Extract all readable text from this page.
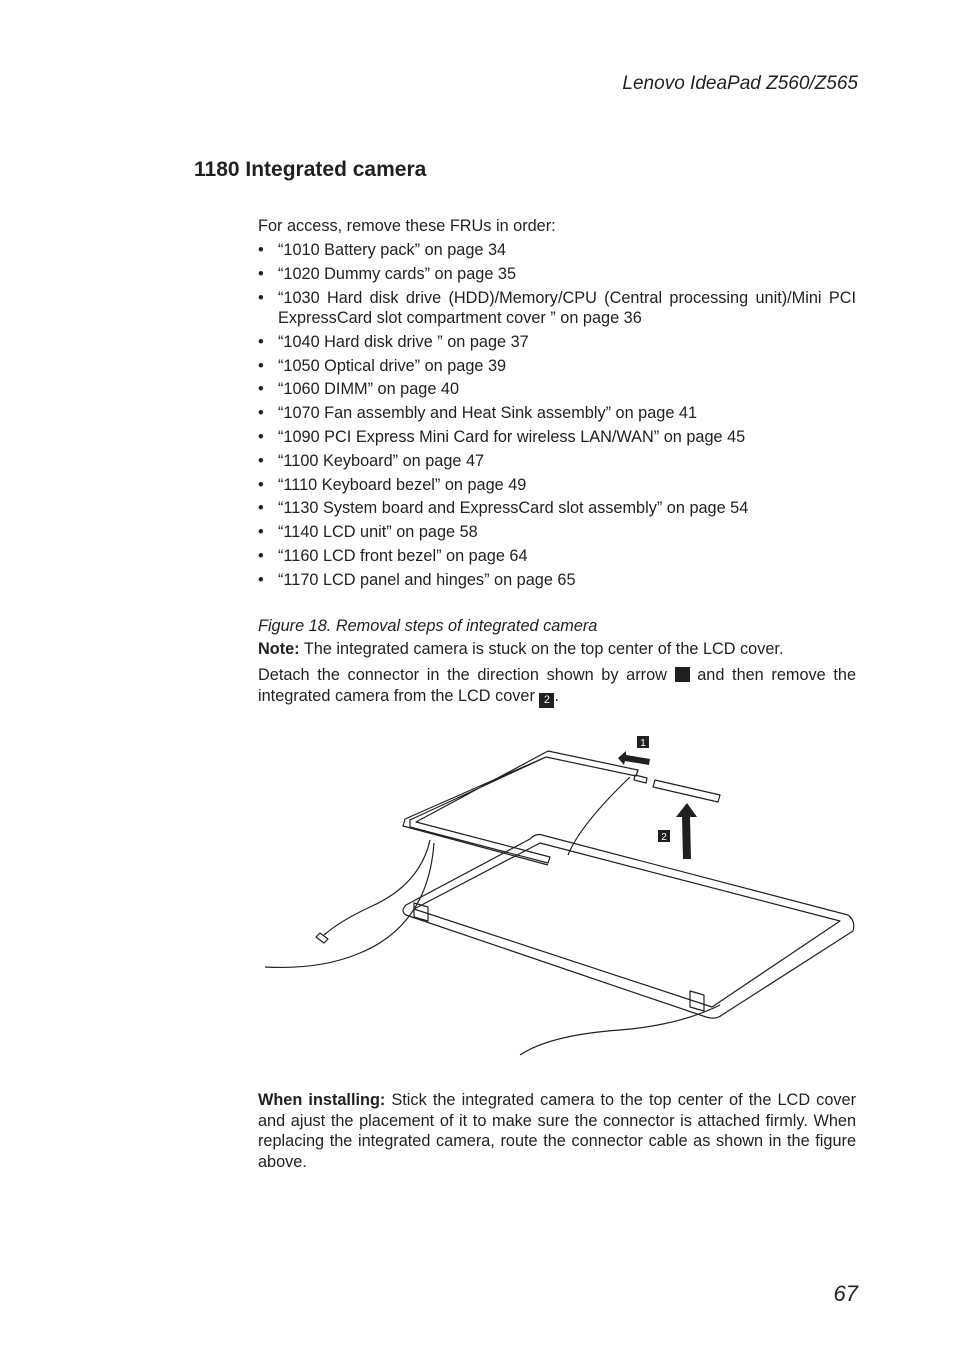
Lenovo IdeaPad Z560/Z565
1180 Integrated camera
For access, remove these FRUs in order:
• “1010 Battery pack” on page 34
• “1020 Dummy cards” on page 35
• “1030 Hard disk drive (HDD)/Memory/CPU (Central processing unit)/Mini PCI ExpressCard slot compartment cover ” on page 36
• “1040 Hard disk drive ” on page 37
• “1050 Optical drive” on page 39
• “1060 DIMM” on page 40
• “1070 Fan assembly and Heat Sink assembly” on page 41
• “1090 PCI Express Mini Card for wireless LAN/WAN” on page 45
• “1100 Keyboard” on page 47
• “1110 Keyboard bezel” on page 49
• “1130 System board and ExpressCard slot assembly” on page 54
• “1140 LCD unit” on page 58
• “1160 LCD front bezel” on page 64
• “1170 LCD panel and hinges” on page 65
Figure 18. Removal steps of integrated camera
Note: The integrated camera is stuck on the top center of the LCD cover.
Detach the connector in the direction shown by arrow  and then remove the integrated camera from the LCD cover 2 .
1
2
When installing: Stick the integrated camera to the top center of the LCD cover and ajust the placement of it to make sure the connector is attached firmly. When replacing the integrated camera, route the connector cable as shown in the figure above.
67
